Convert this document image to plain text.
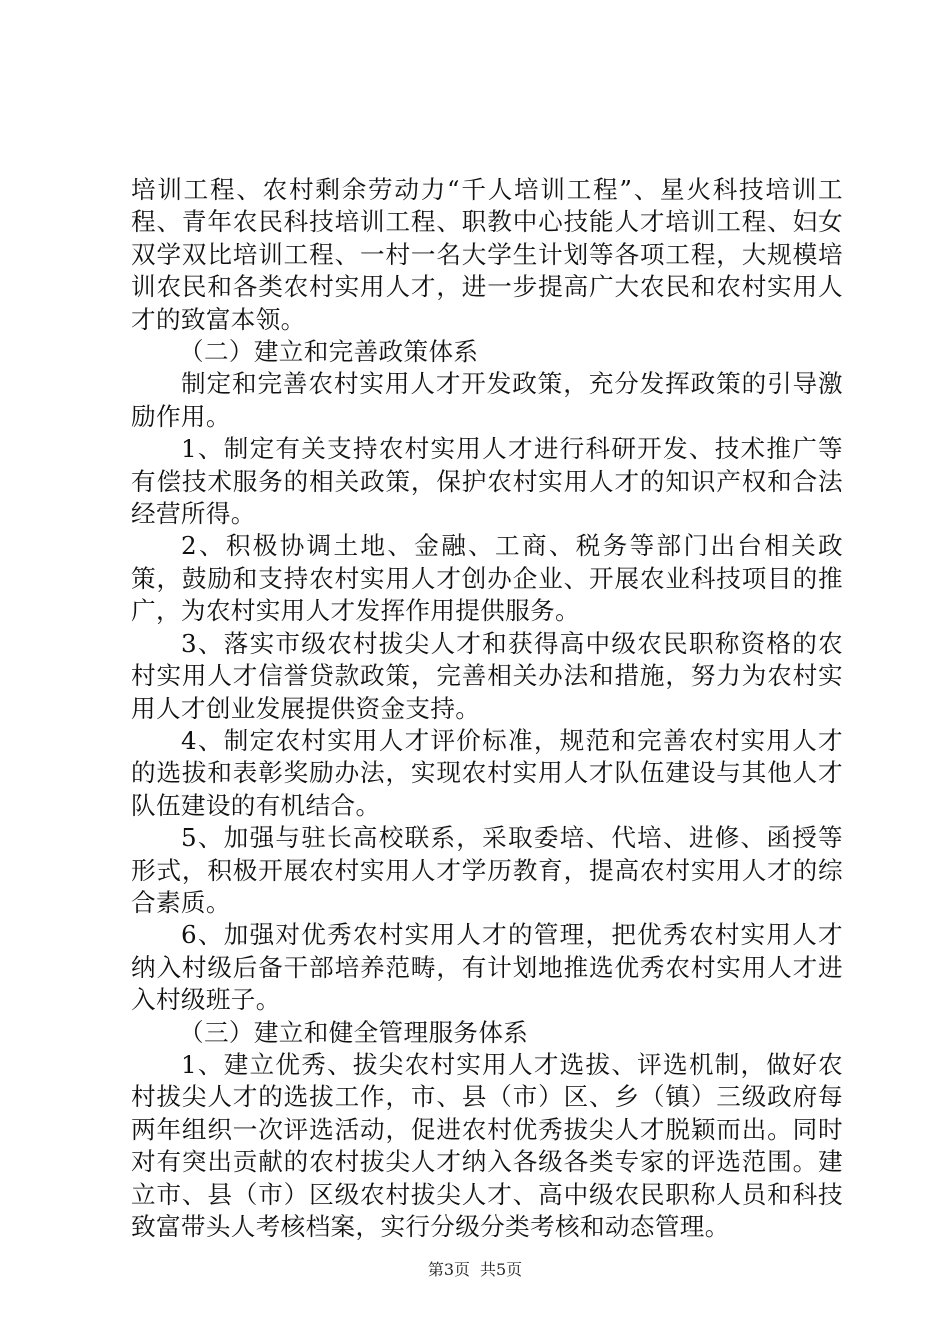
培训工程、农村剩余劳动力“千人培训工程”、星火科技培训工程、青年农民科技培训工程、职教中心技能人才培训工程、妇女双学双比培训工程、一村一名大学生计划等各项工程，大规模培训农民和各类农村实用人才，进一步提高广大农民和农村实用人才的致富本领。

（二）建立和完善政策体系

制定和完善农村实用人才开发政策，充分发挥政策的引导激励作用。

1、制定有关支持农村实用人才进行科研开发、技术推广等有偿技术服务的相关政策，保护农村实用人才的知识产权和合法经营所得。

2、积极协调土地、金融、工商、税务等部门出台相关政策，鼓励和支持农村实用人才创办企业、开展农业科技项目的推广，为农村实用人才发挥作用提供服务。

3、落实市级农村拔尖人才和获得高中级农民职称资格的农村实用人才信誉贷款政策，完善相关办法和措施，努力为农村实用人才创业发展提供资金支持。

4、制定农村实用人才评价标准，规范和完善农村实用人才的选拔和表彰奖励办法，实现农村实用人才队伍建设与其他人才队伍建设的有机结合。

5、加强与驻长高校联系，采取委培、代培、进修、函授等形式，积极开展农村实用人才学历教育，提高农村实用人才的综合素质。

6、加强对优秀农村实用人才的管理，把优秀农村实用人才纳入村级后备干部培养范畴，有计划地推选优秀农村实用人才进入村级班子。

（三）建立和健全管理服务体系

1、建立优秀、拔尖农村实用人才选拔、评选机制，做好农村拔尖人才的选拔工作，市、县（市）区、乡（镇）三级政府每两年组织一次评选活动，促进农村优秀拔尖人才脱颖而出。同时对有突出贡献的农村拔尖人才纳入各级各类专家的评选范围。建立市、县（市）区级农村拔尖人才、高中级农民职称人员和科技致富带头人考核档案，实行分级分类考核和动态管理。

第3页 共5页
